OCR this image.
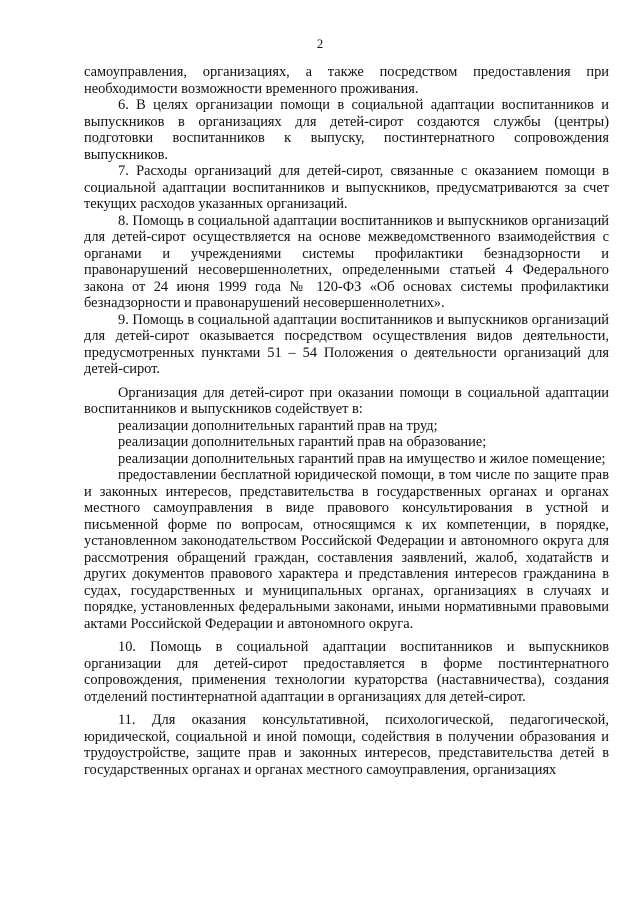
2

самоуправления, организациях, а также посредством предоставления при необходимости возможности временного проживания.

6. В целях организации помощи в социальной адаптации воспитанников и выпускников в организациях для детей-сирот создаются службы (центры) подготовки воспитанников к выпуску, постинтернатного сопровождения выпускников.

7. Расходы организаций для детей-сирот, связанные с оказанием помощи в социальной адаптации воспитанников и выпускников, предусматриваются за счет текущих расходов указанных организаций.

8. Помощь в социальной адаптации воспитанников и выпускников организаций для детей-сирот осуществляется на основе межведомственного взаимодействия с органами и учреждениями системы профилактики безнадзорности и правонарушений несовершеннолетних, определенными статьей 4 Федерального закона от 24 июня 1999 года № 120-ФЗ «Об основах системы профилактики безнадзорности и правонарушений несовершеннолетних».

9. Помощь в социальной адаптации воспитанников и выпускников организаций для детей-сирот оказывается посредством осуществления видов деятельности, предусмотренных пунктами 51 – 54 Положения о деятельности организаций для детей-сирот.

Организация для детей-сирот при оказании помощи в социальной адаптации воспитанников и выпускников содействует в:

реализации дополнительных гарантий прав на труд;

реализации дополнительных гарантий прав на образование;

реализации дополнительных гарантий прав на имуществo и жилое помещение;

предоставлении бесплатной юридической помощи, в том числе по защите прав и законных интересов, представительства в государственных органах и органах местного самоуправления в виде правового консультирования в устной и письменной форме по вопросам, относящимся к их компетенции, в порядке, установленном законодательством Российской Федерации и автономного округа для рассмотрения обращений граждан, составления заявлений, жалоб, ходатайств и других документов правового характера и представления интересов гражданина в судах, государственных и муниципальных органах, организациях в случаях и порядке, установленных федеральными законами, иными нормативными правовыми актами Российской Федерации и автономного округа.

10. Помощь в социальной адаптации воспитанников и выпускников организации для детей-сирот предоставляется в форме постинтернатного сопровождения, применения технологии кураторства (наставничества), создания отделений постинтернатной адаптации в организациях для детей-сирот.

11. Для оказания консультативной, психологической, педагогической, юридической, социальной и иной помощи, содействия в получении образования и трудоустройстве, защите прав и законных интересов, представительства детей в государственных органах и органах местного самоуправления, организациях
